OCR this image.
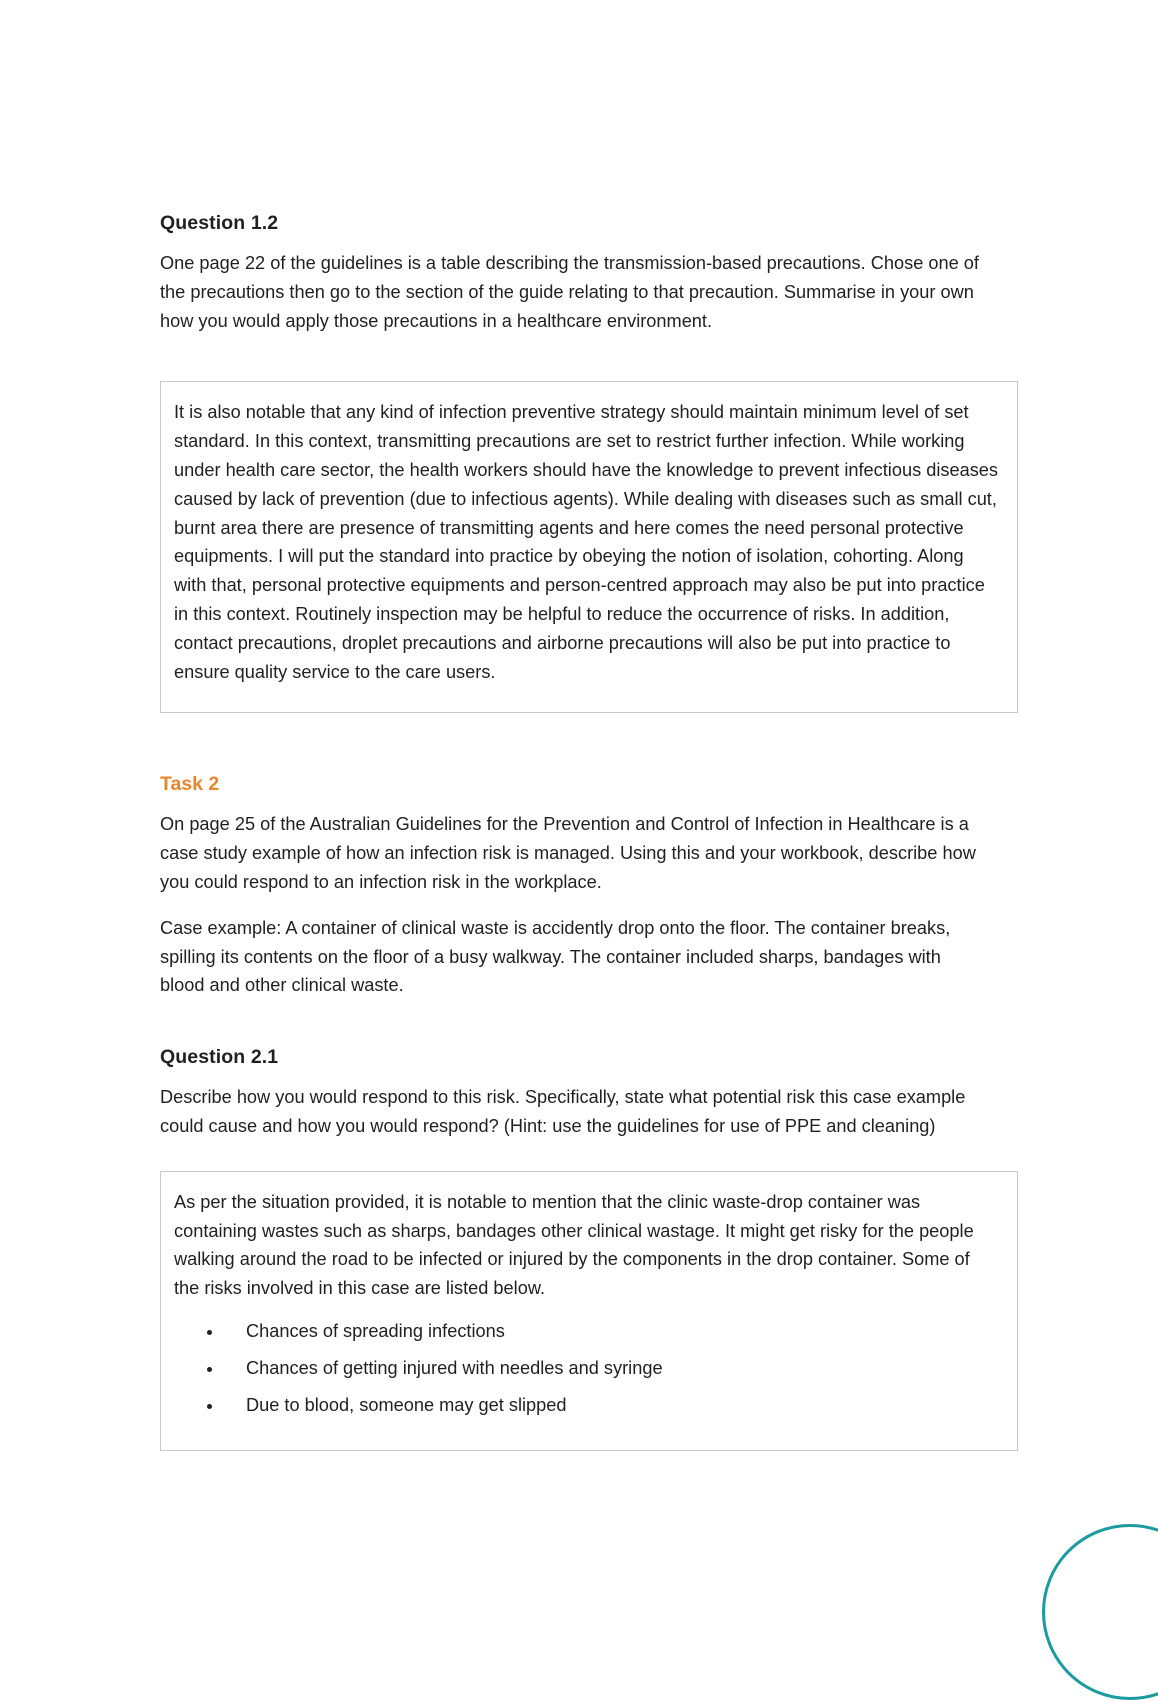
Question 1.2

One page 22 of the guidelines is a table describing the transmission-based precautions. Chose one of the precautions then go to the section of the guide relating to that precaution. Summarise in your own how you would apply those precautions in a healthcare environment.

It is also notable that any kind of infection preventive strategy should maintain minimum level of set standard. In this context, transmitting precautions are set to restrict further infection. While working under health care sector, the health workers should have the knowledge to prevent infectious diseases caused by lack of prevention (due to infectious agents). While dealing with diseases such as small cut, burnt area there are presence of transmitting agents and here comes the need personal protective equipments. I will put the standard into practice by obeying the notion of isolation, cohorting. Along with that, personal protective equipments and person-centred approach may also be put into practice in this context. Routinely inspection may be helpful to reduce the occurrence of risks. In addition, contact precautions, droplet precautions and airborne precautions will also be put into practice to ensure quality service to the care users.

Task 2

On page 25 of the Australian Guidelines for the Prevention and Control of Infection in Healthcare is a case study example of how an infection risk is managed. Using this and your workbook, describe how you could respond to an infection risk in the workplace.

Case example: A container of clinical waste is accidently drop onto the floor. The container breaks, spilling its contents on the floor of a busy walkway. The container included sharps, bandages with blood and other clinical waste.

Question 2.1

Describe how you would respond to this risk. Specifically, state what potential risk this case example could cause and how you would respond? (Hint: use the guidelines for use of PPE and cleaning)

As per the situation provided, it is notable to mention that the clinic waste-drop container was containing wastes such as sharps, bandages other clinical wastage. It might get risky for the people walking around the road to be infected or injured by the components in the drop container. Some of the risks involved in this case are listed below.

• Chances of spreading infections
• Chances of getting injured with needles and syringe
• Due to blood, someone may get slipped
